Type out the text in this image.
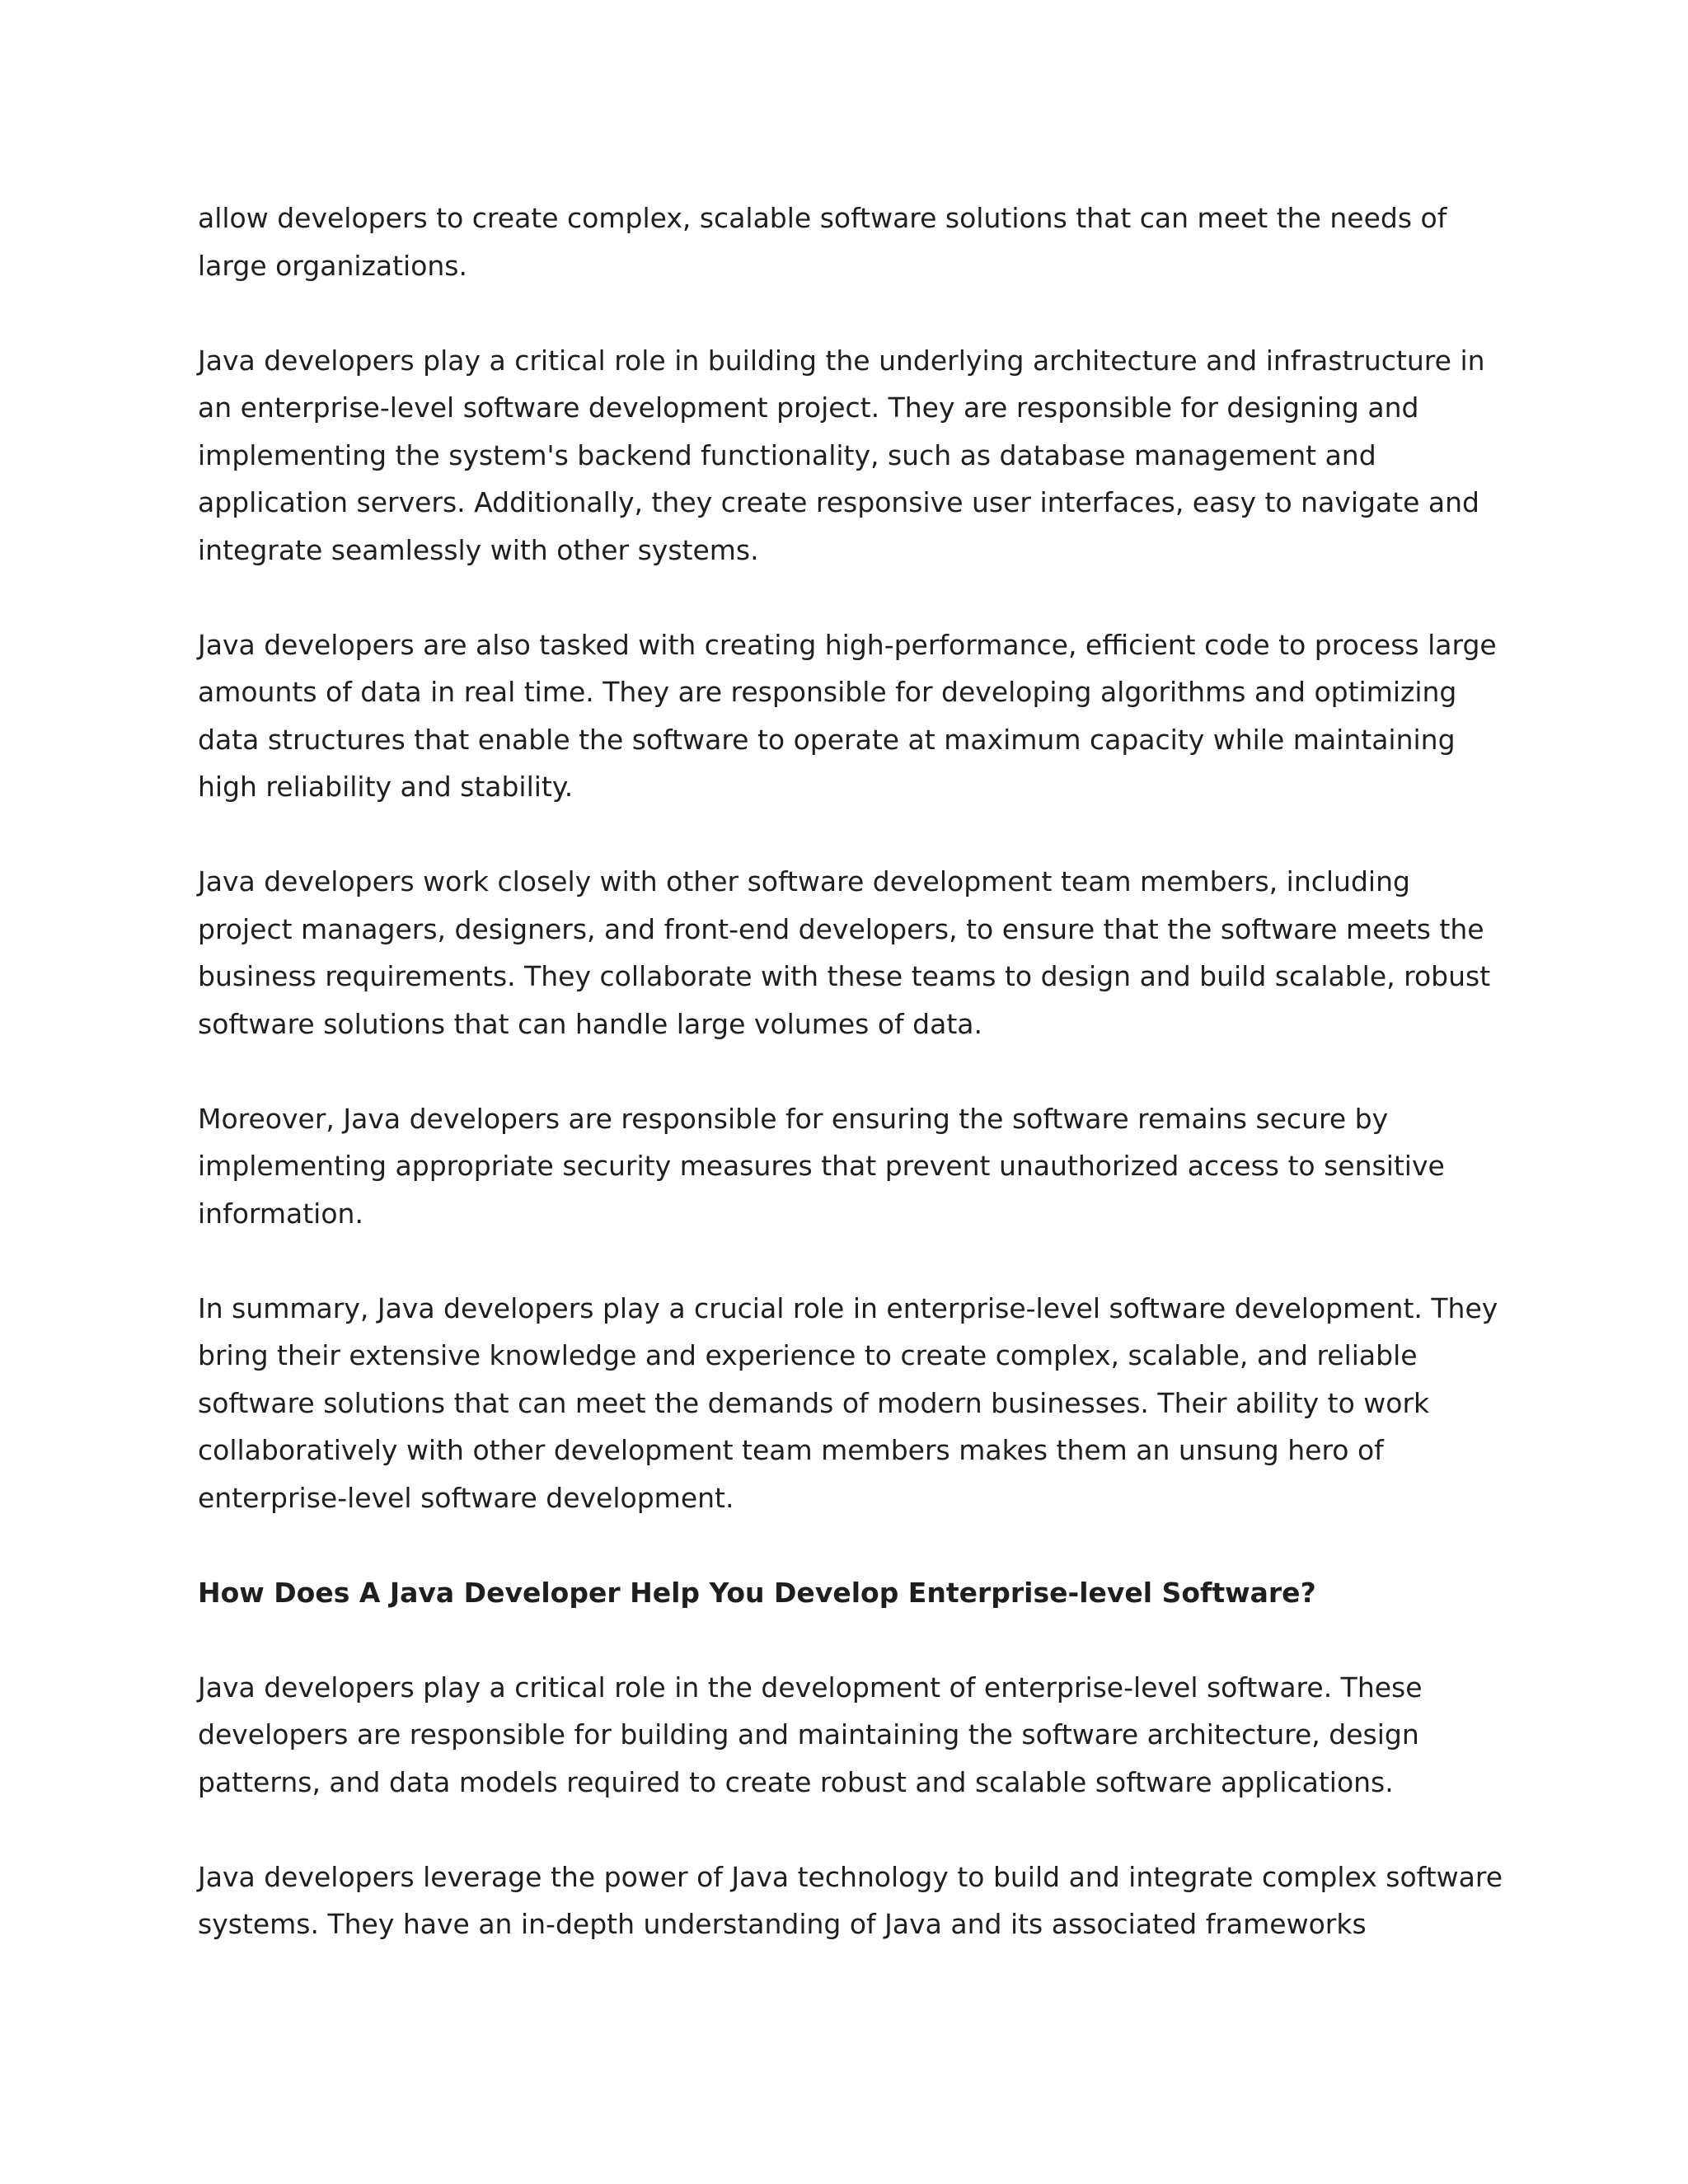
allow developers to create complex, scalable software solutions that can meet the needs of large organizations.

Java developers play a critical role in building the underlying architecture and infrastructure in an enterprise-level software development project. They are responsible for designing and implementing the system's backend functionality, such as database management and application servers. Additionally, they create responsive user interfaces, easy to navigate and integrate seamlessly with other systems.

Java developers are also tasked with creating high-performance, efficient code to process large amounts of data in real time. They are responsible for developing algorithms and optimizing data structures that enable the software to operate at maximum capacity while maintaining high reliability and stability.

Java developers work closely with other software development team members, including project managers, designers, and front-end developers, to ensure that the software meets the business requirements. They collaborate with these teams to design and build scalable, robust software solutions that can handle large volumes of data.

Moreover, Java developers are responsible for ensuring the software remains secure by implementing appropriate security measures that prevent unauthorized access to sensitive information.

In summary, Java developers play a crucial role in enterprise-level software development. They bring their extensive knowledge and experience to create complex, scalable, and reliable software solutions that can meet the demands of modern businesses. Their ability to work collaboratively with other development team members makes them an unsung hero of enterprise-level software development.

How Does A Java Developer Help You Develop Enterprise-level Software?

Java developers play a critical role in the development of enterprise-level software. These developers are responsible for building and maintaining the software architecture, design patterns, and data models required to create robust and scalable software applications.

Java developers leverage the power of Java technology to build and integrate complex software systems. They have an in-depth understanding of Java and its associated frameworks
